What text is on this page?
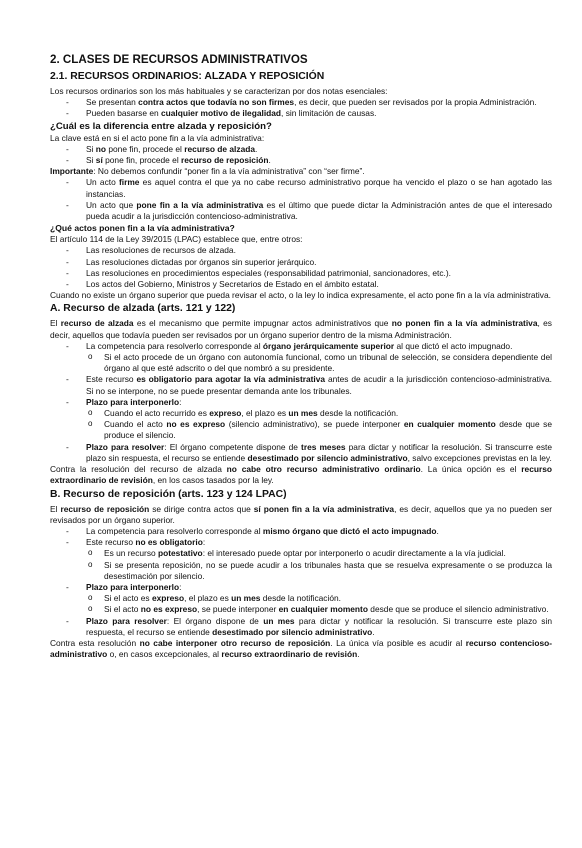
2. CLASES DE RECURSOS ADMINISTRATIVOS
2.1. RECURSOS ORDINARIOS: ALZADA Y REPOSICIÓN

Los recursos ordinarios son los más habituales y se caracterizan por dos notas esenciales:

- Se presentan contra actos que todavía no son firmes, es decir, que pueden ser revisados por la propia Administración.
- Pueden basarse en cualquier motivo de ilegalidad, sin limitación de causas.
¿Cuál es la diferencia entre alzada y reposición?

La clave está en si el acto pone fin a la vía administrativa:

- Si no pone fin, procede el recurso de alzada.
- Si sí pone fin, procede el recurso de reposición.

Importante: No debemos confundir “poner fin a la vía administrativa” con “ser firme”.

- Un acto firme es aquel contra el que ya no cabe recurso administrativo porque ha vencido el plazo o se han agotado las instancias.
- Un acto que pone fin a la vía administrativa es el último que puede dictar la Administración antes de que el interesado pueda acudir a la jurisdicción contencioso-administrativa.
¿Qué actos ponen fin a la vía administrativa?

El artículo 114 de la Ley 39/2015 (LPAC) establece que, entre otros:

- Las resoluciones de recursos de alzada.
- Las resoluciones dictadas por órganos sin superior jerárquico.
- Las resoluciones en procedimientos especiales (responsabilidad patrimonial, sancionadores, etc.).
- Los actos del Gobierno, Ministros y Secretarios de Estado en el ámbito estatal.

Cuando no existe un órgano superior que pueda revisar el acto, o la ley lo indica expresamente, el acto pone fin a la vía administrativa.

A. Recurso de alzada (arts. 121 y 122)

El recurso de alzada es el mecanismo que permite impugnar actos administrativos que no ponen fin a la vía administrativa, es decir, aquellos que todavía pueden ser revisados por un órgano superior dentro de la misma Administración.

- La competencia para resolverlo corresponde al órgano jerárquicamente superior al que dictó el acto impugnado.
o Si el acto procede de un órgano con autonomía funcional, como un tribunal de selección, se considera dependiente del órgano al que esté adscrito o del que nombró a su presidente.
- Este recurso es obligatorio para agotar la vía administrativa antes de acudir a la jurisdicción contencioso-administrativa. Si no se interpone, no se puede presentar demanda ante los tribunales.
- Plazo para interponerlo:
o Cuando el acto recurrido es expreso, el plazo es un mes desde la notificación.
o Cuando el acto no es expreso (silencio administrativo), se puede interponer en cualquier momento desde que se produce el silencio.
- Plazo para resolver: El órgano competente dispone de tres meses para dictar y notificar la resolución. Si transcurre este plazo sin respuesta, el recurso se entiende desestimado por silencio administrativo, salvo excepciones previstas en la ley.

Contra la resolución del recurso de alzada no cabe otro recurso administrativo ordinario. La única opción es el recurso extraordinario de revisión, en los casos tasados por la ley.

B. Recurso de reposición (arts. 123 y 124 LPAC)

El recurso de reposición se dirige contra actos que sí ponen fin a la vía administrativa, es decir, aquellos que ya no pueden ser revisados por un órgano superior.

- La competencia para resolverlo corresponde al mismo órgano que dictó el acto impugnado.
- Este recurso no es obligatorio:
o Es un recurso potestativo: el interesado puede optar por interponerlo o acudir directamente a la vía judicial.
o Si se presenta reposición, no se puede acudir a los tribunales hasta que se resuelva expresamente o se produzca la desestimación por silencio.
- Plazo para interponerlo:
o Si el acto es expreso, el plazo es un mes desde la notificación.
o Si el acto no es expreso, se puede interponer en cualquier momento desde que se produce el silencio administrativo.
- Plazo para resolver: El órgano dispone de un mes para dictar y notificar la resolución. Si transcurre este plazo sin respuesta, el recurso se entiende desestimado por silencio administrativo.

Contra esta resolución no cabe interponer otro recurso de reposición. La única vía posible es acudir al recurso contencioso-administrativo o, en casos excepcionales, al recurso extraordinario de revisión.
